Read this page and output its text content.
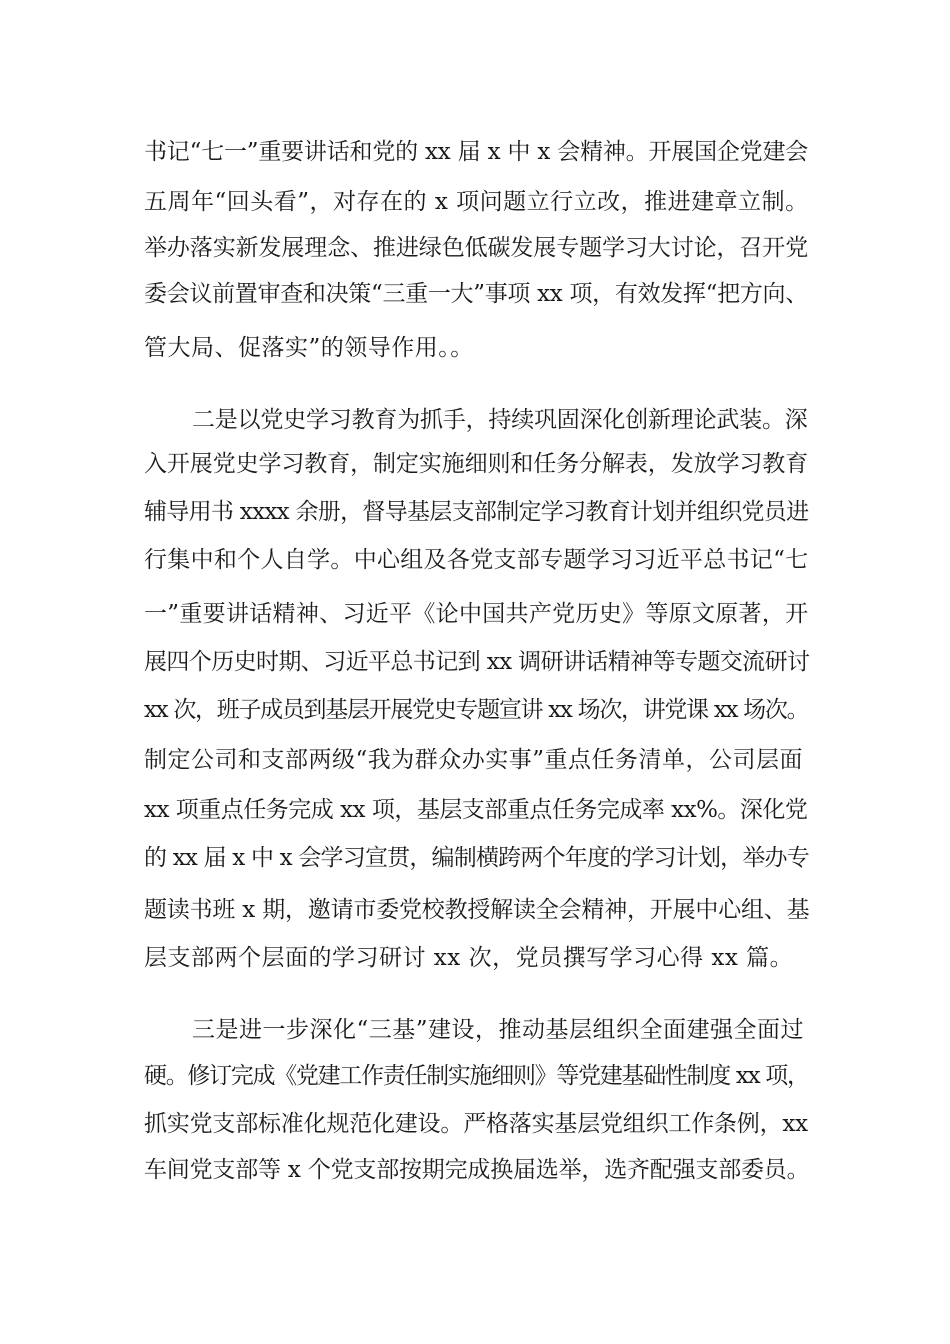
书记“七一”重要讲话和党的 xx 届 x 中 x 会精神。开展国企党建会
五周年“回头看”，对存在的 x 项问题立行立改，推进建章立制。
举办落实新发展理念、推进绿色低碳发展专题学习大讨论，召开党
委会议前置审查和决策“三重一大”事项 xx 项，有效发挥“把方向、
管大局、促落实”的领导作用。。
二是以党史学习教育为抓手，持续巩固深化创新理论武装。深
入开展党史学习教育，制定实施细则和任务分解表，发放学习教育
辅导用书 xxxx 余册，督导基层支部制定学习教育计划并组织党员进
行集中和个人自学。中心组及各党支部专题学习习近平总书记“七
一”重要讲话精神、习近平《论中国共产党历史》等原文原著，开
展四个历史时期、习近平总书记到 xx 调研讲话精神等专题交流研讨
xx 次，班子成员到基层开展党史专题宣讲 xx 场次，讲党课 xx 场次。
制定公司和支部两级“我为群众办实事”重点任务清单，公司层面
xx 项重点任务完成 xx 项，基层支部重点任务完成率 xx%。深化党
的 xx 届 x 中 x 会学习宣贯，编制横跨两个年度的学习计划，举办专
题读书班 x 期，邀请市委党校教授解读全会精神，开展中心组、基
层支部两个层面的学习研讨 xx 次，党员撰写学习心得 xx 篇。
三是进一步深化“三基”建设，推动基层组织全面建强全面过
硬。修订完成《党建工作责任制实施细则》等党建基础性制度 xx 项，
抓实党支部标准化规范化建设。严格落实基层党组织工作条例，xx
车间党支部等 x 个党支部按期完成换届选举，选齐配强支部委员。
